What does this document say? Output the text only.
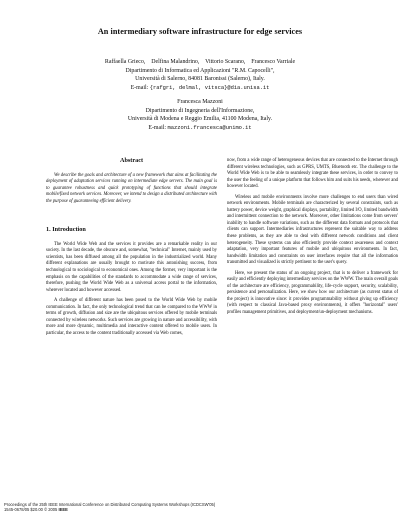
An intermediary software infrastructure for edge services
Raffaella Grieco,    Delfina Malandrino,    Vittorio Scarano,    Francesco Varriale
Dipartimento di Informatica ed Applicazioni "R.M. Capocelli",
Università di Salerno, 84081 Baronissi (Salerno), Italy.
E-mail: {rafgri, delmal, vitsca}@dia.unisa.it
Francesca Mazzoni
Dipartimento di Ingegneria dell'Informazione,
Università di Modena e Reggio Emilia, 41100 Modena, Italy.
E-mail: mazzoni.francesca@unimo.it
Abstract

We describe the goals and architecture of a new framework that aims at facilitating the deployment of adaptation services running on intermediate edge servers. The main goal is to guarantee robustness and quick prototyping of functions that should integrate mobile/fixed network services. Moreover, we intend to design a distributed architecture with the purpose of guaranteeing efficient delivery.

1. Introduction

The World Wide Web and the services it provides are a remarkable reality in our society. In the last decade, the obscure and, somewhat, "technical" Internet, mainly used by scientists, has been diffused among all the population in the industrialized world. Many different explanations are usually brought to motivate this astonishing success, from technological to sociological to economical ones. Among the former, very important is the emphasis on the capabilities of the standards to accommodate a wide range of services, therefore, pushing the World Wide Web as a universal access portal to the information, wherever located and however accessed.

A challenge of different nature has been posed to the World Wide Web by mobile communication. In fact, the only technological trend that can be compared to the WWW in terms of growth, diffusion and size are the ubiquitous services offered by mobile terminals connected by wireless networks. Such services are growing in nature and accessibility, with more and more dynamic, multimedia and interactive content offered to mobile users. In particular, the access to the content traditionally accessed via Web comes,

now, from a wide range of heterogeneous devices that are connected to the Internet through different wireless technologies, such as GPRS, UMTS, Bluetooth etc. The challenge to the World Wide Web is to be able to seamlessly integrate these services, in order to convey to the user the feeling of a unique platform that follows him and suits his needs, wherever and however located.

Wireless and mobile environments involve more challenges to end users than wired network environments. Mobile terminals are characterized by several constraints, such as battery power, device weight, graphical displays, portability, limited I/O, limited bandwidth and intermittent connection to the network. Moreover, other limitations come from servers' inability to handle software variations, such as the different data formats and protocols that clients can support. Intermediaries infrastructures represent the suitable way to address these problems, as they are able to deal with different network conditions and client heterogeneity. These systems can also efficiently provide context awareness and context adaptation, very important features of mobile and ubiquitous environments. In fact, bandwidth limitation and constraints on user interfaces require that all the information transmitted and visualized is strictly pertinent to the user's query.

Here, we present the status of an ongoing project, that is to deliver a framework for easily and efficiently deploying intermediary services on the WWW. The main overall goals of the architecture are efficiency, programmability, life-cycle support, security, scalability, persistence and personalization. Here, we show how our architecture (as current status of the project) is innovative since: it provides programmability without giving up efficiency (with respect to classical Java-based proxy environments), it offers "horizontal" users' profiles management primitives, and deployment/un-deployment mechanisms.

Proceedings of the 25th IEEE International Conference on Distributed Computing Systems Workshops (ICDCSW'05)
1545-0678/05 $20.00 © 2005 IEEE
